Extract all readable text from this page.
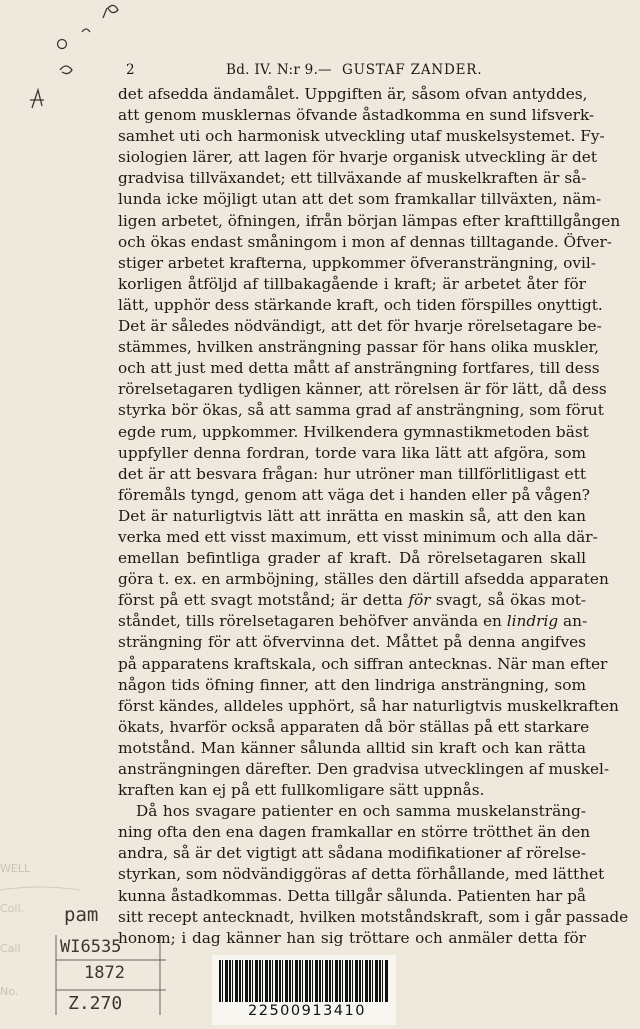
2	Bd. IV. N:r 9. — GUSTAF ZANDER.
det afsedda ändamålet. Uppgiften är, såsom ofvan antyddes,
att genom musklernas öfvande åstadkomma en sund lifsverk-
samhet uti och harmonisk utveckling utaf muskelsystemet. Fy-
siologien lärer, att lagen för hvarje organisk utveckling är det
gradvisa tillväxandet; ett tillväxande af muskelkraften är så-
lunda icke möjligt utan att det som framkallar tillväxten, näm-
ligen arbetet, öfningen, ifrån början lämpas efter krafttillgången
och ökas endast småningom i mon af dennas tilltagande. Öfver-
stiger arbetet krafterna, uppkommer öfveransträngning, ovil-
korligen åtföljd af tillbakagående i kraft; är arbetet åter för
lätt, upphör dess stärkande kraft, och tiden förspilles onyttigt.
Det är således nödvändigt, att det för hvarje rörelsetagare be-
stämmes, hvilken ansträngning passar för hans olika muskler,
och att just med detta mått af ansträngning fortfares, till dess
rörelsetagaren tydligen känner, att rörelsen är för lätt, då dess
styrka bör ökas, så att samma grad af ansträngning, som förut
egde rum, uppkommer. Hvilkendera gymnastikmetoden bäst
uppfyller denna fordran, torde vara lika lätt att afgöra, som
det är att besvara frågan: hur utröner man tillförlitligast ett
föremåls tyngd, genom att väga det i handen eller på vågen?
Det är naturligtvis lätt att inrätta en maskin så, att den kan
verka med ett visst maximum, ett visst minimum och alla där-
emellan befintliga grader af kraft. Då rörelsetagaren skall
göra t. ex. en armböjning, ställes den därtill afsedda apparaten
först på ett svagt motstånd; är detta för svagt, så ökas mot-
ståndet, tills rörelsetagaren behöfver använda en lindrig an-
strängning för att öfvervinna det. Måttet på denna angifves
på apparatens kraftskala, och siffran antecknas. När man efter
någon tids öfning finner, att den lindriga ansträngning, som
först kändes, alldeles upphört, så har naturligtvis muskelkraften
ökats, hvarför också apparaten då bör ställas på ett starkare
motstånd. Man känner sålunda alltid sin kraft och kan rätta
ansträngningen därefter. Den gradvisa utvecklingen af muskel-
kraften kan ej på ett fullkomligare sätt uppnås.
Då hos svagare patienter en och samma muskelansträng-
ning ofta den ena dagen framkallar en större trötthet än den
andra, så är det vigtigt att sådana modifikationer af rörelse-
styrkan, som nödvändiggöras af detta förhållande, med lätthet
kunna åstadkommas. Detta tillgår sålunda. Patienten har på
sitt recept antecknadt, hvilken motståndskraft, som i går passade
honom; i dag känner han sig tröttare och anmäler detta för
WELL
Coll.
Call
No.
pam
WI6535
1872
Z.270	22500913410
